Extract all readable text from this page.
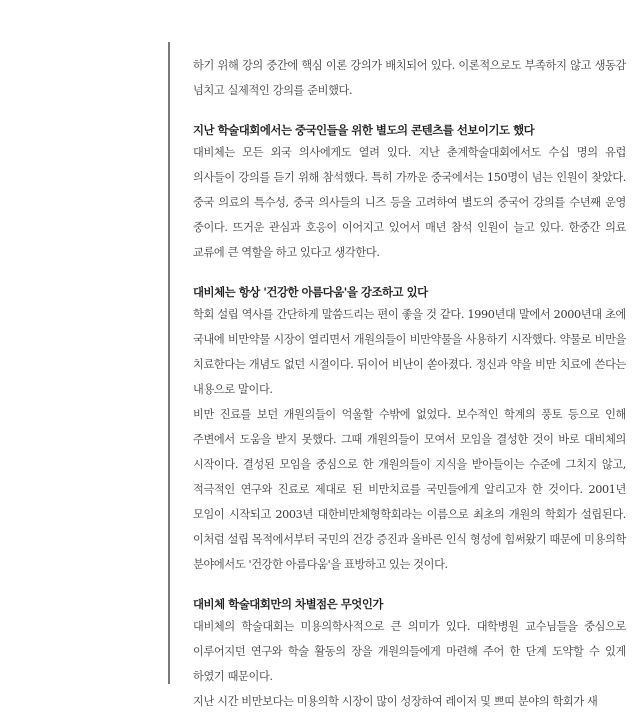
하기 위해 강의 중간에 핵심 이론 강의가 배치되어 있다. 이론적으로도 부족하지 않고 생동감 넘치고 실제적인 강의를 준비했다.

지난 학술대회에서는 중국인들을 위한 별도의 콘텐츠를 선보이기도 했다

대비체는 모든 외국 의사에게도 열려 있다. 지난 춘계학술대회에서도 수십 명의 유럽 의사들이 강의를 듣기 위해 참석했다. 특히 가까운 중국에서는 150명이 넘는 인원이 찾았다. 중국 의료의 특수성, 중국 의사들의 니즈 등을 고려하여 별도의 중국어 강의를 수년째 운영 중이다. 뜨거운 관심과 호응이 이어지고 있어서 매년 참석 인원이 늘고 있다. 한중간 의료 교류에 큰 역할을 하고 있다고 생각한다.

대비체는 항상 '건강한 아름다움'을 강조하고 있다

학회 설립 역사를 간단하게 말씀드리는 편이 좋을 것 같다. 1990년대 말에서 2000년대 초에 국내에 비만약물 시장이 열리면서 개원의들이 비만약물을 사용하기 시작했다. 약물로 비만을 치료한다는 개념도 없던 시절이다. 뒤이어 비난이 쏟아졌다. 정신과 약을 비만 치료에 쓴다는 내용으로 말이다.

비만 진료를 보던 개원의들이 억울할 수밖에 없었다. 보수적인 학계의 풍토 등으로 인해 주변에서 도움을 받지 못했다. 그때 개원의들이 모여서 모임을 결성한 것이 바로 대비체의 시작이다. 결성된 모임을 중심으로 한 개원의들이 지식을 받아들이는 수준에 그치지 않고, 적극적인 연구와 진료로 제대로 된 비만치료를 국민들에게 알리고자 한 것이다. 2001년 모임이 시작되고 2003년 대한비만체형학회라는 이름으로 최초의 개원의 학회가 설립된다. 이처럼 설립 목적에서부터 국민의 건강 증진과 올바른 인식 형성에 힘써왔기 때문에 미용의학 분야에서도 '건강한 아름다움'을 표방하고 있는 것이다.

대비체 학술대회만의 차별점은 무엇인가

대비체의 학술대회는 미용의학사적으로 큰 의미가 있다. 대학병원 교수님들을 중심으로 이루어지던 연구와 학술 활동의 장을 개원의들에게 마련해 주어 한 단계 도약할 수 있게 하였기 때문이다.

지난 시간 비만보다는 미용의학 시장이 많이 성장하여 레이저 및 쁘띠 분야의 학회가 새
